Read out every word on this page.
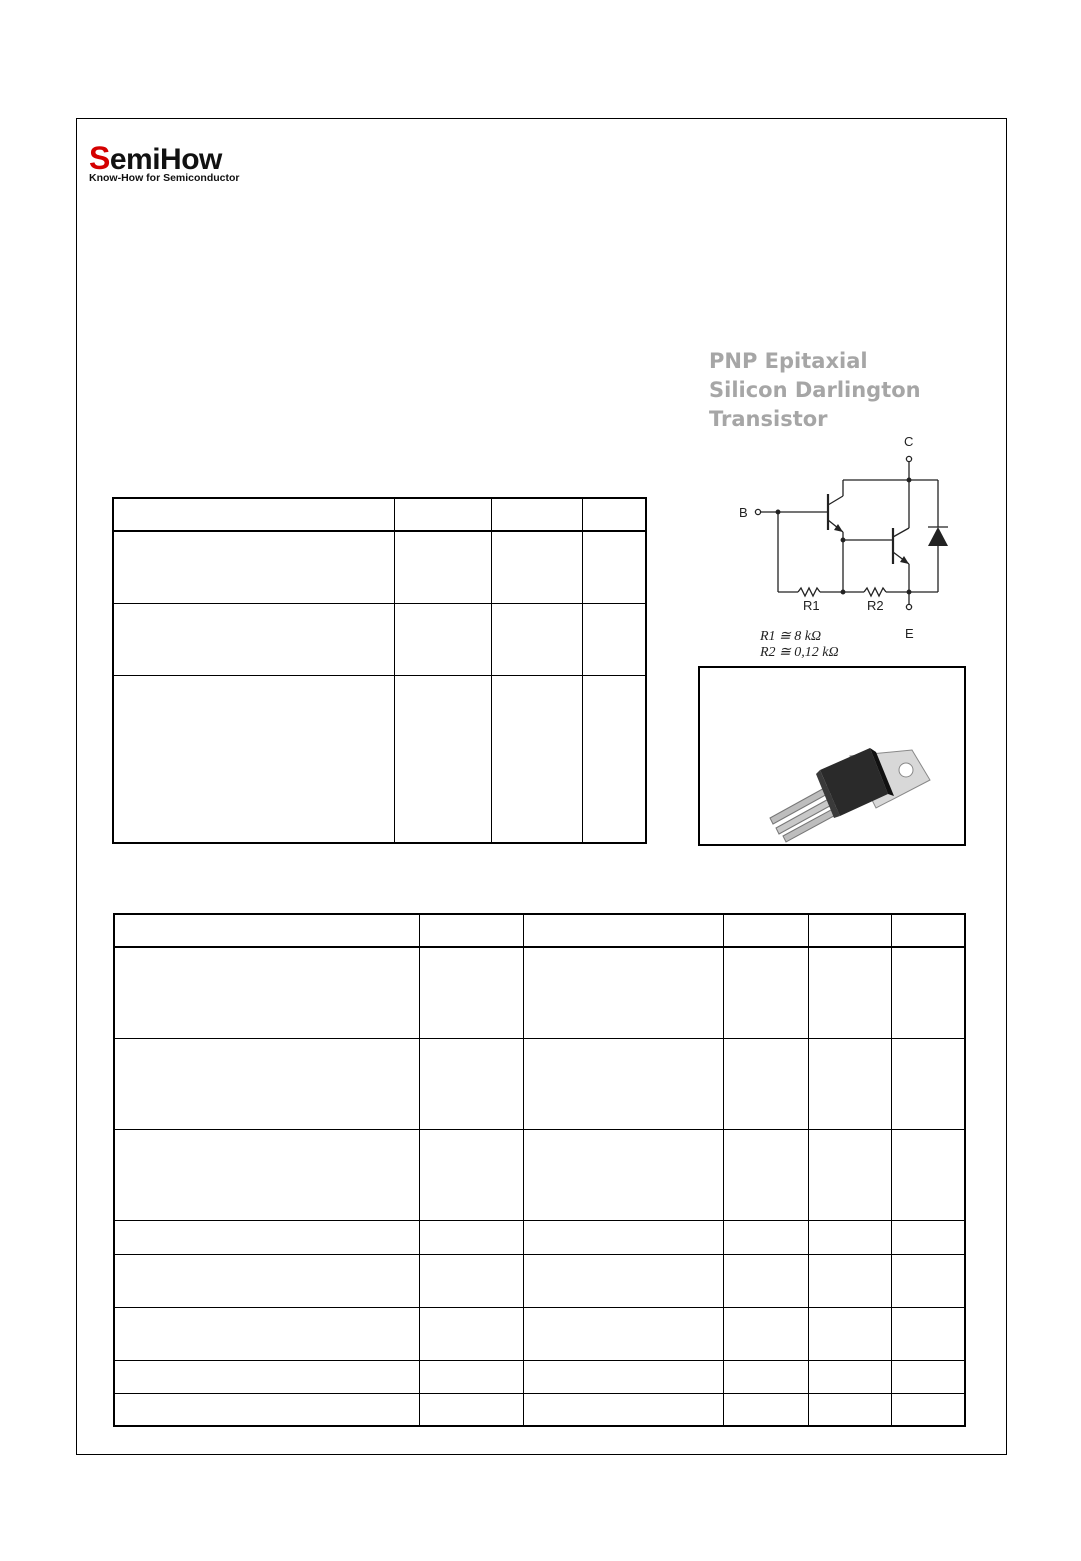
SemiHow
Know-How for Semiconductor
PNP Epitaxial
Silicon Darlington
Transistor
C
B
E
R1	R2
R1 ≅ 8 kΩ
R2 ≅ 0,12 kΩ
